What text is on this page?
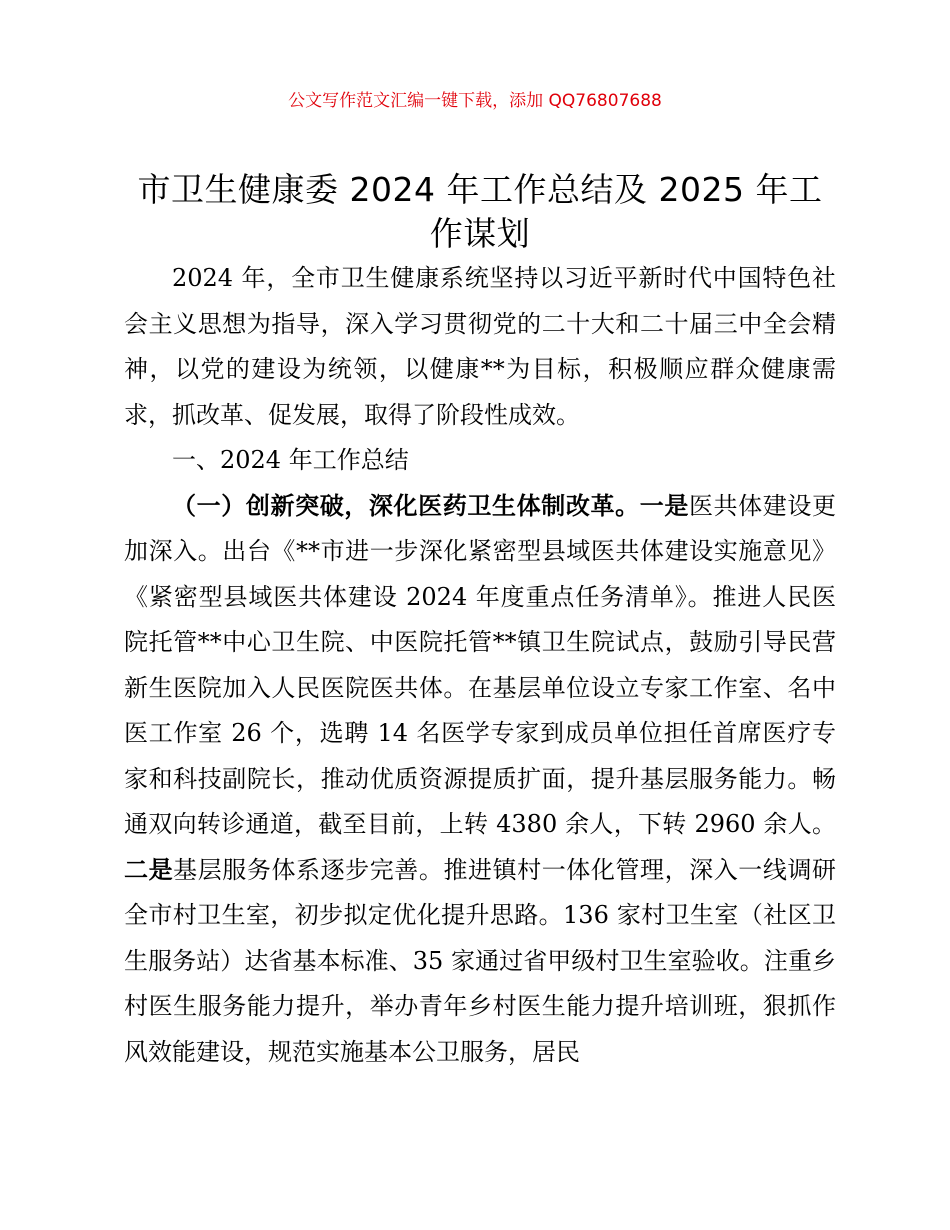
公文写作范文汇编一键下载，添加 QQ76807688
市卫生健康委 2024 年工作总结及 2025 年工作谋划

2024 年，全市卫生健康系统坚持以习近平新时代中国特色社会主义思想为指导，深入学习贯彻党的二十大和二十届三中全会精神，以党的建设为统领，以健康**为目标，积极顺应群众健康需求，抓改革、促发展，取得了阶段性成效。

一、2024 年工作总结

（一）创新突破，深化医药卫生体制改革。一是医共体建设更加深入。出台《**市进一步深化紧密型县域医共体建设实施意见》《紧密型县域医共体建设 2024 年度重点任务清单》。推进人民医院托管**中心卫生院、中医院托管**镇卫生院试点，鼓励引导民营新生医院加入人民医院医共体。在基层单位设立专家工作室、名中医工作室 26 个，选聘 14 名医学专家到成员单位担任首席医疗专家和科技副院长，推动优质资源提质扩面，提升基层服务能力。畅通双向转诊通道，截至目前，上转 4380 余人，下转 2960 余人。二是基层服务体系逐步完善。推进镇村一体化管理，深入一线调研全市村卫生室，初步拟定优化提升思路。136 家村卫生室（社区卫生服务站）达省基本标准、35 家通过省甲级村卫生室验收。注重乡村医生服务能力提升，举办青年乡村医生能力提升培训班，狠抓作风效能建设，规范实施基本公卫服务，居民
